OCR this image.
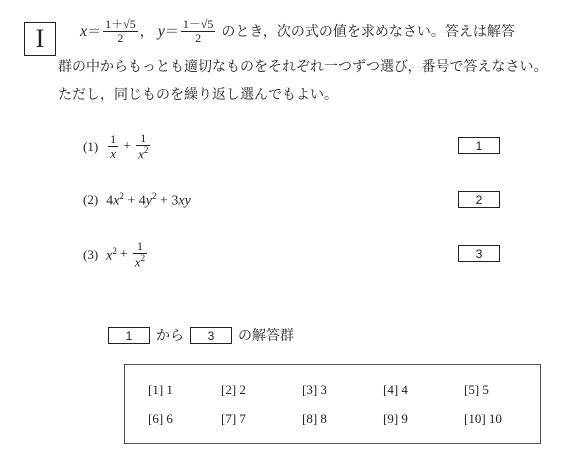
I	$x = \frac{1+√5}{2}$ ， $y = \frac{1-√5}{2}$ のとき，次の式の値を求めなさい。答えは解答
群の中からもっとも適切なものをそれぞれ一つずつ選び，番号で答えなさい。
ただし，同じものを繰り返し選んでもよい。
$(1) \frac{1}{x} + \frac{1}{x^2}$	1
(2) $4x^2 + 4y^2 + 3xy$	2
(3) $x^2 + \frac{1}{x^2}$	3
1	から	3	の解答群
[1] 1	[2] 2	[3] 3	[4] 4	[5] 5
[6] 6	[7] 7	[8] 8	[9] 9	[10] 10
